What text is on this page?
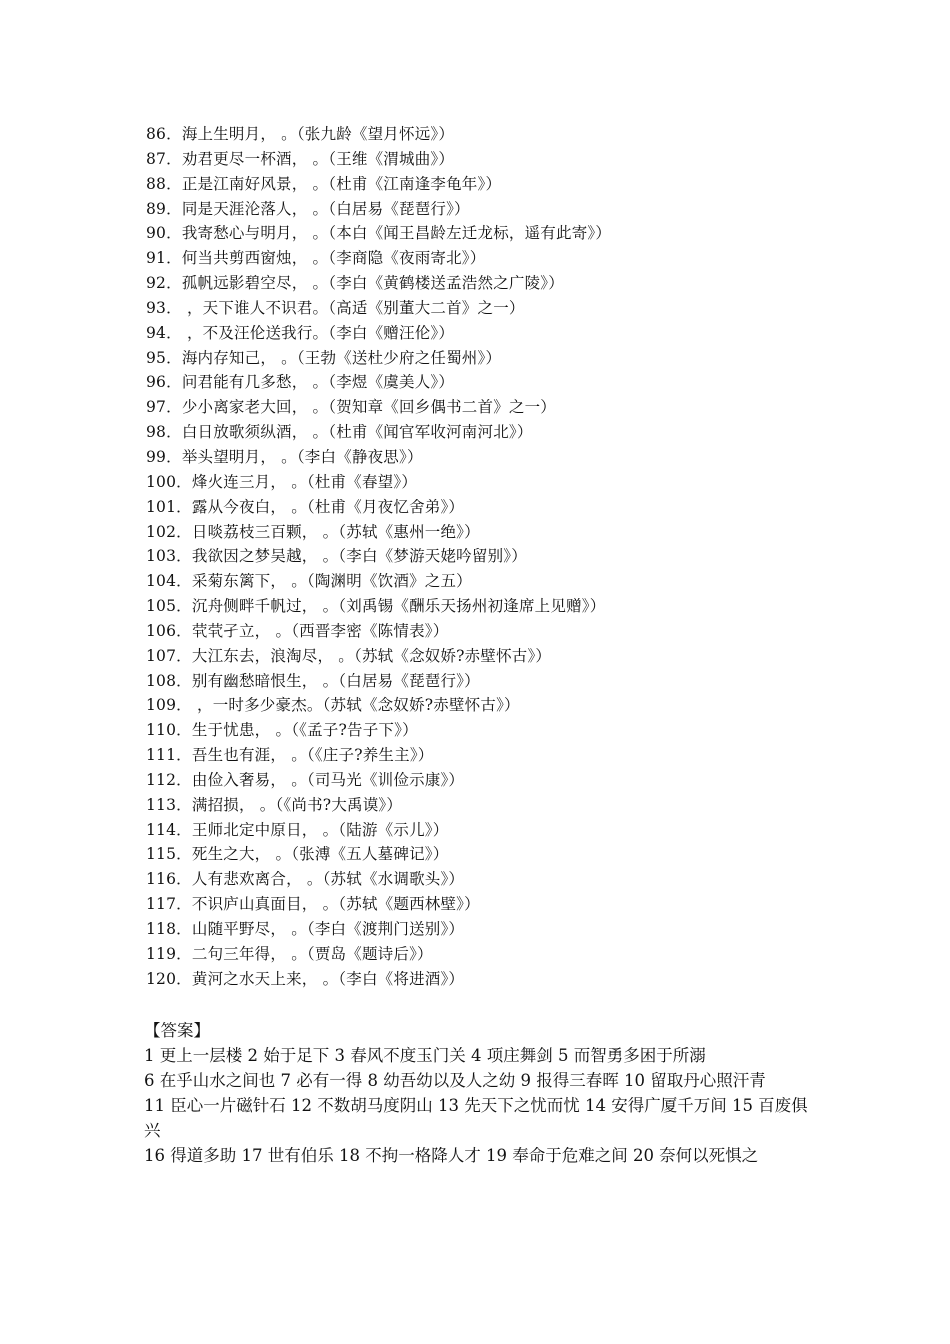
86．海上生明月， 。（张九龄《望月怀远》）
87．劝君更尽一杯酒， 。（王维《渭城曲》）
88．正是江南好风景， 。（杜甫《江南逢李龟年》）
89．同是天涯沦落人， 。（白居易《琵琶行》）
90．我寄愁心与明月， 。（本白《闻王昌龄左迁龙标，遥有此寄》）
91．何当共剪西窗烛， 。（李商隐《夜雨寄北》）
92．孤帆远影碧空尽， 。（李白《黄鹤楼送孟浩然之广陵》）
93． ，天下谁人不识君。（高适《别董大二首》之一）
94． ，不及汪伦送我行。（李白《赠汪伦》）
95．海内存知己， 。（王勃《送杜少府之任蜀州》）
96．问君能有几多愁， 。（李煜《虞美人》）
97．少小离家老大回， 。（贺知章《回乡偶书二首》之一）
98．白日放歌须纵酒， 。（杜甫《闻官军收河南河北》）
99．举头望明月， 。（李白《静夜思》）
100．烽火连三月， 。（杜甫《春望》）
101．露从今夜白， 。（杜甫《月夜忆舍弟》）
102．日啖荔枝三百颗， 。（苏轼《惠州一绝》）
103．我欲因之梦吴越， 。（李白《梦游天姥吟留别》）
104．采菊东篱下， 。（陶渊明《饮酒》之五）
105．沉舟侧畔千帆过， 。（刘禹锡《酬乐天扬州初逢席上见赠》）
106．茕茕孑立， 。（西晋李密《陈情表》）
107．大江东去，浪淘尽， 。（苏轼《念奴娇?赤壁怀古》）
108．别有幽愁暗恨生， 。（白居易《琵琶行》）
109． ，一时多少豪杰。（苏轼《念奴娇?赤壁怀古》）
110．生于忧患， 。（《孟子?告子下》）
111．吾生也有涯， 。（《庄子?养生主》）
112．由俭入奢易， 。（司马光《训俭示康》）
113．满招损， 。（《尚书?大禹谟》）
114．王师北定中原日， 。（陆游《示儿》）
115．死生之大， 。（张溥《五人墓碑记》）
116．人有悲欢离合， 。（苏轼《水调歌头》）
117．不识庐山真面目， 。（苏轼《题西林壁》）
118．山随平野尽， 。（李白《渡荆门送别》）
119．二句三年得， 。（贾岛《题诗后》）
120．黄河之水天上来， 。（李白《将进酒》）
【答案】
1 更上一层楼 2 始于足下 3 春风不度玉门关 4 项庄舞剑 5 而智勇多困于所溺
6 在乎山水之间也 7 必有一得 8 幼吾幼以及人之幼 9 报得三春晖 10 留取丹心照汗青
11 臣心一片磁针石 12 不数胡马度阴山 13 先天下之忧而忧 14 安得广厦千万间 15 百废俱兴
16 得道多助 17 世有伯乐 18 不拘一格降人才 19 奉命于危难之间 20 奈何以死惧之
